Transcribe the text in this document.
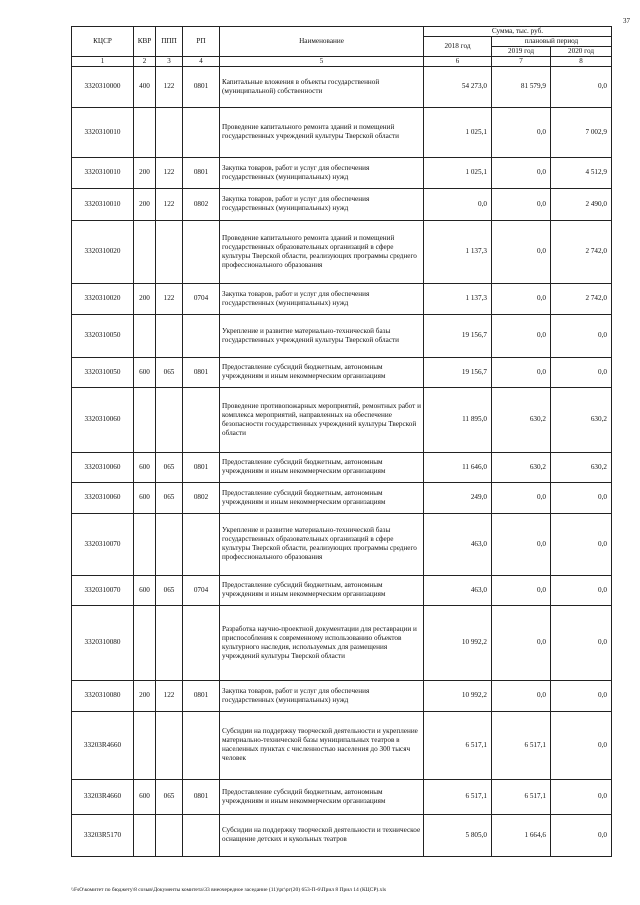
37
КЦСР	КВР	ППП	РП	Наименование	Сумма, тыс. руб.		
					2018 год	плановый период	
						2019 год	2020 год
1	2	3	4	5	6	7	8
3320310000	400	122	0801	Капитальные вложения в объекты государственной (муниципальной) собственности	54 273,0	81 579,9	0,0
3320310010				Проведение капитального ремонта зданий и помещений государственных учреждений культуры Тверской области	1 025,1	0,0	7 002,9
3320310010	200	122	0801	Закупка товаров, работ и услуг для обеспечения государственных (муниципальных) нужд	1 025,1	0,0	4 512,9
3320310010	200	122	0802	Закупка товаров, работ и услуг для обеспечения государственных (муниципальных) нужд	0,0	0,0	2 490,0
3320310020				Проведение капитального ремонта зданий и помещений государственных образовательных организаций в сфере культуры Тверской области, реализующих программы среднего профессионального образования	1 137,3	0,0	2 742,0
3320310020	200	122	0704	Закупка товаров, работ и услуг для обеспечения государственных (муниципальных) нужд	1 137,3	0,0	2 742,0
3320310050				Укрепление и развитие материально-технической базы государственных учреждений культуры Тверской области	19 156,7	0,0	0,0
3320310050	600	065	0801	Предоставление субсидий бюджетным, автономным учреждениям и иным некоммерческим организациям	19 156,7	0,0	0,0
3320310060				Проведение противопожарных мероприятий, ремонтных работ и комплекса мероприятий, направленных на обеспечение безопасности государственных учреждений культуры Тверской области	11 895,0	630,2	630,2
3320310060	600	065	0801	Предоставление субсидий бюджетным, автономным учреждениям и иным некоммерческим организациям	11 646,0	630,2	630,2
3320310060	600	065	0802	Предоставление субсидий бюджетным, автономным учреждениям и иным некоммерческим организациям	249,0	0,0	0,0
3320310070				Укрепление и развитие материально-технической базы государственных образовательных организаций в сфере культуры Тверской области, реализующих программы среднего профессионального образования	463,0	0,0	0,0
3320310070	600	065	0704	Предоставление субсидий бюджетным, автономным учреждениям и иным некоммерческим организациям	463,0	0,0	0,0
3320310080				Разработка научно-проектной документации для реставрации и приспособления к современному использованию объектов культурного наследия, используемых для размещения учреждений культуры Тверской области	10 992,2	0,0	0,0
3320310080	200	122	0801	Закупка товаров, работ и услуг для обеспечения государственных (муниципальных) нужд	10 992,2	0,0	0,0
33203R4660				Субсидии на поддержку творческой деятельности и укрепление материально-технической базы муниципальных театров в населенных пунктах с численностью населения до 300 тысяч человек	6 517,1	6 517,1	0,0
33203R4660	600	065	0801	Предоставление субсидий бюджетным, автономным учреждениям и иным некоммерческим организациям	6 517,1	6 517,1	0,0
33203R5170				Субсидии на поддержку творческой деятельности и техническое оснащение детских и кукольных театров	5 805,0	1 664,6	0,0
\\FsO\комитет по бюджету\8 созыв\Документы комитета\33 внеочередное заседание (11)\рг\рг(20) 653-П-6\Прил 8 Прил 14 (КЦСР).xls
